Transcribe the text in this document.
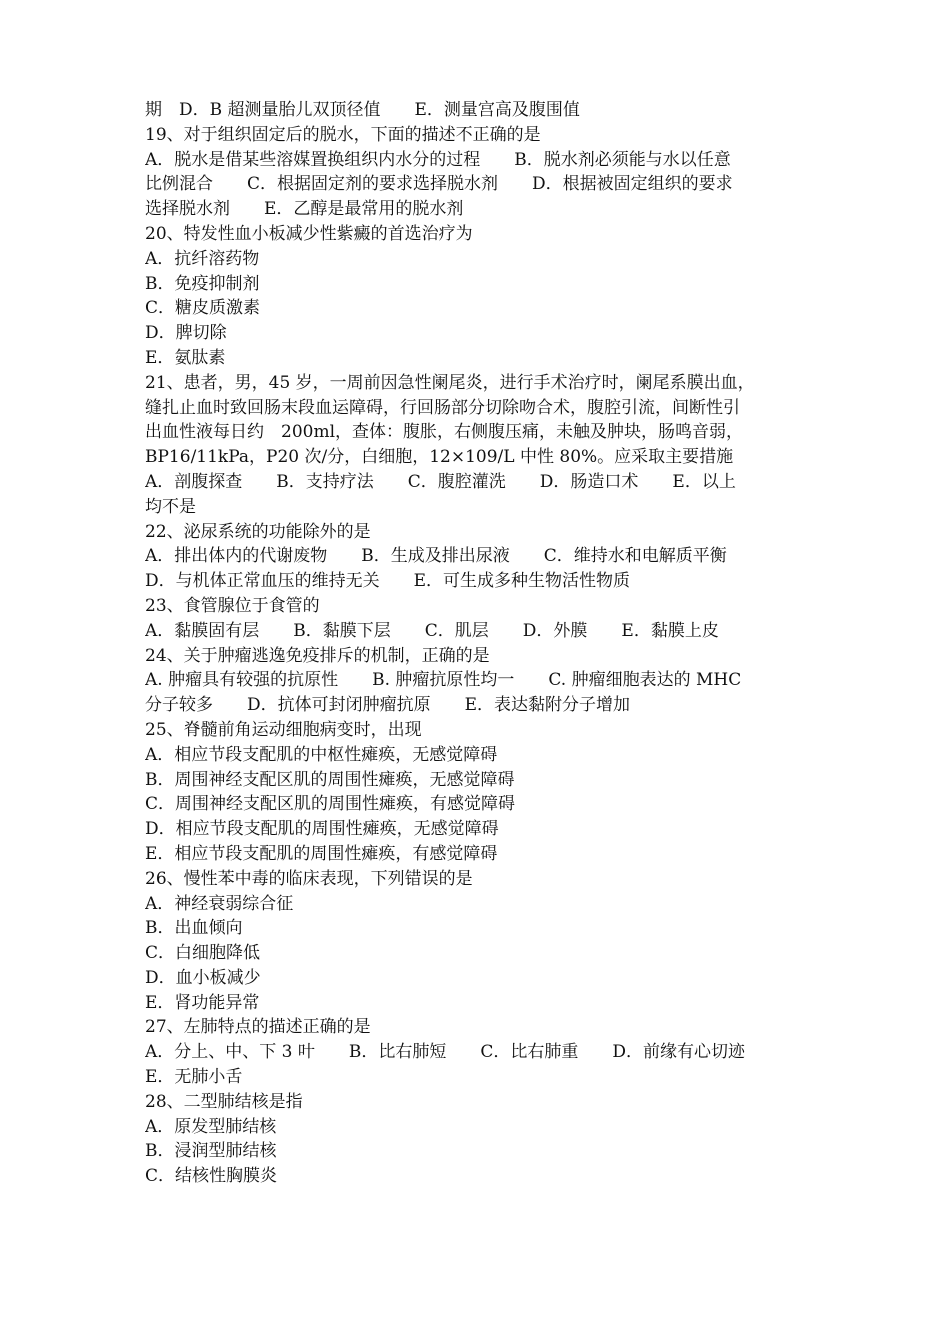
期　D．B 超测量胎儿双顶径值　　E．测量宫高及腹围值
19、对于组织固定后的脱水，下面的描述不正确的是
A．脱水是借某些溶媒置换组织内水分的过程　　B．脱水剂必须能与水以任意
比例混合　　C．根据固定剂的要求选择脱水剂　　D．根据被固定组织的要求
选择脱水剂　　E．乙醇是最常用的脱水剂
20、特发性血小板减少性紫癜的首选治疗为
A．抗纤溶药物
B．免疫抑制剂
C．糖皮质激素
D．脾切除
E．氨肽素
21、患者，男，45 岁，一周前因急性阑尾炎，进行手术治疗时，阑尾系膜出血，
缝扎止血时致回肠末段血运障碍，行回肠部分切除吻合术，腹腔引流，间断性引
出血性液每日约　200ml，查体：腹胀，右侧腹压痛，未触及肿块，肠鸣音弱，
BP16/11kPa，P20 次/分，白细胞，12×109/L 中性 80%。应采取主要措施
A．剖腹探查　　B．支持疗法　　C．腹腔灌洗　　D．肠造口术　　E．以上
均不是
22、泌尿系统的功能除外的是
A．排出体内的代谢废物　　B．生成及排出尿液　　C．维持水和电解质平衡
D．与机体正常血压的维持无关　　E．可生成多种生物活性物质
23、食管腺位于食管的
A．黏膜固有层　　B．黏膜下层　　C．肌层　　D．外膜　　E．黏膜上皮
24、关于肿瘤逃逸免疫排斥的机制，正确的是
A. 肿瘤具有较强的抗原性　　B. 肿瘤抗原性均一　　C. 肿瘤细胞表达的 MHC
分子较多　　D．抗体可封闭肿瘤抗原　　E．表达黏附分子增加
25、脊髓前角运动细胞病变时，出现
A．相应节段支配肌的中枢性瘫痪，无感觉障碍
B．周围神经支配区肌的周围性瘫痪，无感觉障碍
C．周围神经支配区肌的周围性瘫痪，有感觉障碍
D．相应节段支配肌的周围性瘫痪，无感觉障碍
E．相应节段支配肌的周围性瘫痪，有感觉障碍
26、慢性苯中毒的临床表现，下列错误的是
A．神经衰弱综合征
B．出血倾向
C．白细胞降低
D．血小板减少
E．肾功能异常
27、左肺特点的描述正确的是
A．分上、中、下 3 叶　　B．比右肺短　　C．比右肺重　　D．前缘有心切迹
E．无肺小舌
28、二型肺结核是指
A．原发型肺结核
B．浸润型肺结核
C．结核性胸膜炎
